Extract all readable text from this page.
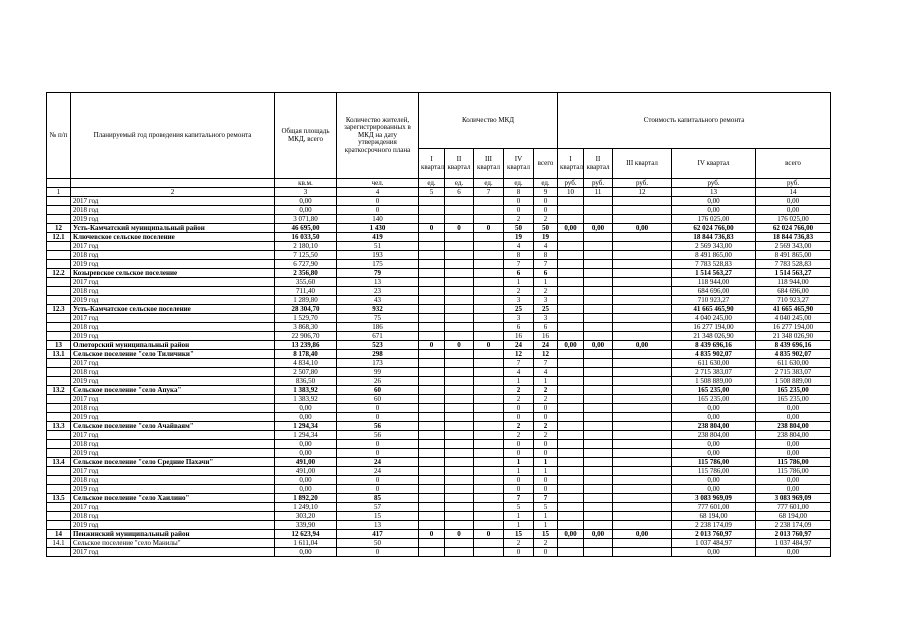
№ п/п	Планируемый год проведения капитального ремонта	Общая площадь МКД, всего	Количество жителей, зарегистрированных в МКД на дату утверждения краткосрочного плана	Количество МКД					Стоимость капитального ремонта				
				I квартал	II квартал	III квартал	IV квартал	всего	I квартал	II квартал	III квартал	IV квартал	всего
		кв.м.	чел.	ед.	ед.	ед.	ед.	ед.	руб.	руб.	руб.	руб.	руб.
1	2	3	4	5	6	7	8	9	10	11	12	13	14
	2017 год	0,00	0				0	0				0,00	0,00
	2018 год	0,00	0				0	0				0,00	0,00
	2019 год	3 071,80	140				2	2				176 025,00	176 025,00
12	Усть-Камчатский муниципальный район	46 695,00	1 430	0	0	0	50	50	0,00	0,00	0,00	62 024 766,00	62 024 766,00
12.1	Ключевское сельское поселение	16 033,50	419				19	19				18 844 736,83	18 844 736,83
	2017 год	2 180,10	51				4	4				2 569 343,00	2 569 343,00
	2018 год	7 125,50	193				8	8				8 491 865,00	8 491 865,00
	2019 год	6 727,90	175				7	7				7 783 528,83	7 783 528,83
12.2	Козыревское сельское поселение	2 356,80	79				6	6				1 514 563,27	1 514 563,27
	2017 год	355,60	13				1	1				118 944,00	118 944,00
	2018 год	711,40	23				2	2				684 696,00	684 696,00
	2019 год	1 289,80	43				3	3				710 923,27	710 923,27
12.3	Усть-Камчатское сельское поселение	28 304,70	932				25	25				41 665 465,90	41 665 465,90
	2017 год	1 529,70	75				3	3				4 040 245,00	4 040 245,00
	2018 год	3 868,30	186				6	6				16 277 194,00	16 277 194,00
	2019 год	22 906,70	671				16	16				21 348 026,90	21 348 026,90
13	Олюторский муниципальный район	13 239,86	523	0	0	0	24	24	0,00	0,00	0,00	8 439 696,16	8 439 696,16
13.1	Сельское поселение "село Тиличики"	8 178,40	298				12	12				4 835 902,07	4 835 902,07
	2017 год	4 834,10	173				7	7				611 630,00	611 630,00
	2018 год	2 507,80	99				4	4				2 715 383,07	2 715 383,07
	2019 год	836,50	26				1	1				1 508 889,00	1 508 889,00
13.2	Сельское поселение "село Апука"	1 383,92	60				2	2				165 235,00	165 235,00
	2017 год	1 383,92	60				2	2				165 235,00	165 235,00
	2018 год	0,00	0				0	0				0,00	0,00
	2019 год	0,00	0				0	0				0,00	0,00
13.3	Сельское поселение "село Ачайваям"	1 294,34	56				2	2				238 804,00	238 804,00
	2017 год	1 294,34	56				2	2				238 804,00	238 804,00
	2018 год	0,00	0				0	0				0,00	0,00
	2019 год	0,00	0				0	0				0,00	0,00
13.4	Сельское поселение "село Средние Пахачи"	491,00	24				1	1				115 786,00	115 786,00
	2017 год	491,00	24				1	1				115 786,00	115 786,00
	2018 год	0,00	0				0	0				0,00	0,00
	2019 год	0,00	0				0	0				0,00	0,00
13.5	Сельское поселение "село Хаилино"	1 892,20	85				7	7				3 083 969,09	3 083 969,09
	2017 год	1 249,10	57				5	5				777 601,00	777 601,00
	2018 год	303,20	15				1	1				68 194,00	68 194,00
	2019 год	339,90	13				1	1				2 238 174,09	2 238 174,09
14	Пенжинский муниципальный район	12 623,94	417	0	0	0	15	15	0,00	0,00	0,00	2 013 760,97	2 013 760,97
14.1	Сельское поселение "село Манилы"	1 611,04	50				2	2				1 037 484,97	1 037 484,97
	2017 год	0,00	0				0	0				0,00	0,00
